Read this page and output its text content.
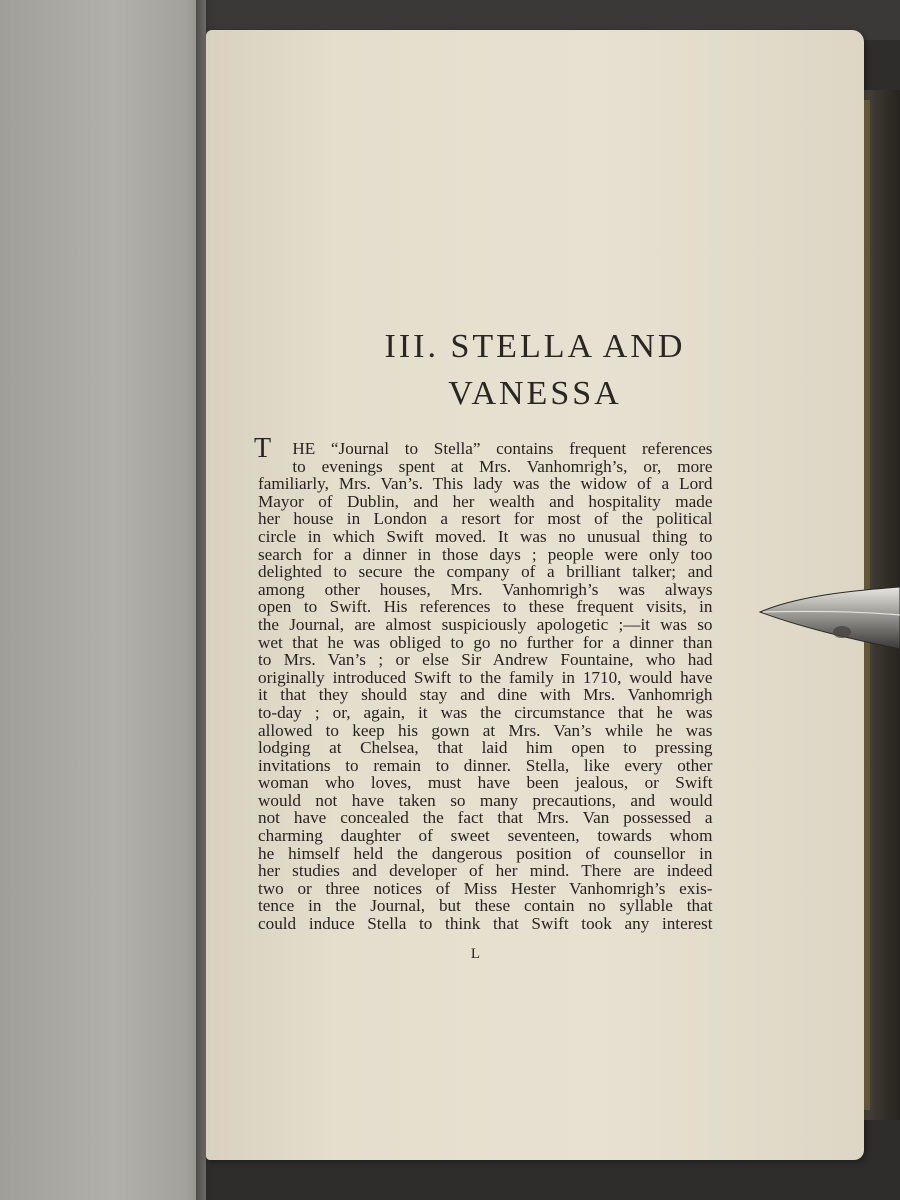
III. STELLA AND
VANESSA
T	HE “Journal to Stella” contains frequent references
to evenings spent at Mrs. Vanhomrigh’s, or, more
familiarly, Mrs. Van’s. This lady was the widow of a Lord
Mayor of Dublin, and her wealth and hospitality made
her house in London a resort for most of the political
circle in which Swift moved. It was no unusual thing to
search for a dinner in those days ; people were only too
delighted to secure the company of a brilliant talker; and
among other houses, Mrs. Vanhomrigh’s was always
open to Swift. His references to these frequent visits, in
the Journal, are almost suspiciously apologetic ;—it was so
wet that he was obliged to go no further for a dinner than
to Mrs. Van’s ; or else Sir Andrew Fountaine, who had
originally introduced Swift to the family in 1710, would have
it that they should stay and dine with Mrs. Vanhomrigh
to-day ; or, again, it was the circumstance that he was
allowed to keep his gown at Mrs. Van’s while he was
lodging at Chelsea, that laid him open to pressing
invitations to remain to dinner. Stella, like every other
woman who loves, must have been jealous, or Swift
would not have taken so many precautions, and would
not have concealed the fact that Mrs. Van possessed a
charming daughter of sweet seventeen, towards whom
he himself held the dangerous position of counsellor in
her studies and developer of her mind. There are indeed
two or three notices of Miss Hester Vanhomrigh’s exis-
tence in the Journal, but these contain no syllable that
could induce Stella to think that Swift took any interest
L
